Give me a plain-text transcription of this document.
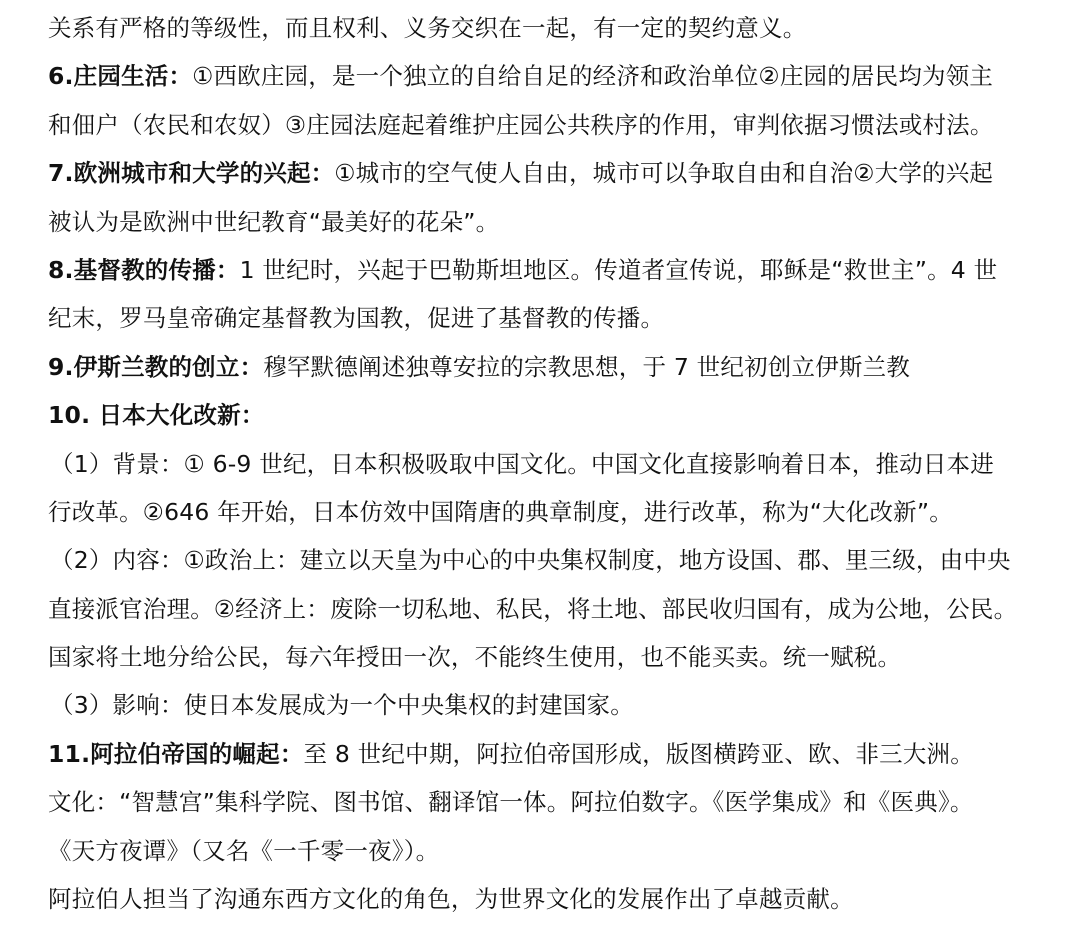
关系有严格的等级性，而且权利、义务交织在一起，有一定的契约意义。
6.庄园生活：①西欧庄园，是一个独立的自给自足的经济和政治单位②庄园的居民均为领主
和佃户（农民和农奴）③庄园法庭起着维护庄园公共秩序的作用，审判依据习惯法或村法。
7.欧洲城市和大学的兴起：①城市的空气使人自由，城市可以争取自由和自治②大学的兴起
被认为是欧洲中世纪教育“最美好的花朵”。
8.基督教的传播：1 世纪时，兴起于巴勒斯坦地区。传道者宣传说，耶稣是“救世主”。4 世
纪末，罗马皇帝确定基督教为国教，促进了基督教的传播。
9.伊斯兰教的创立：穆罕默德阐述独尊安拉的宗教思想，于 7 世纪初创立伊斯兰教
10. 日本大化改新：
（1）背景：① 6-9 世纪，日本积极吸取中国文化。中国文化直接影响着日本，推动日本进
行改革。②646 年开始，日本仿效中国隋唐的典章制度，进行改革，称为“大化改新”。
（2）内容：①政治上：建立以天皇为中心的中央集权制度，地方设国、郡、里三级，由中央
直接派官治理。②经济上：废除一切私地、私民，将土地、部民收归国有，成为公地，公民。
国家将土地分给公民，每六年授田一次，不能终生使用，也不能买卖。统一赋税。
（3）影响：使日本发展成为一个中央集权的封建国家。
11.阿拉伯帝国的崛起：至 8 世纪中期，阿拉伯帝国形成，版图横跨亚、欧、非三大洲。
文化：“智慧宫”集科学院、图书馆、翻译馆一体。阿拉伯数字。《医学集成》和《医典》。
《天方夜谭》（又名《一千零一夜》）。
阿拉伯人担当了沟通东西方文化的角色，为世界文化的发展作出了卓越贡献。
